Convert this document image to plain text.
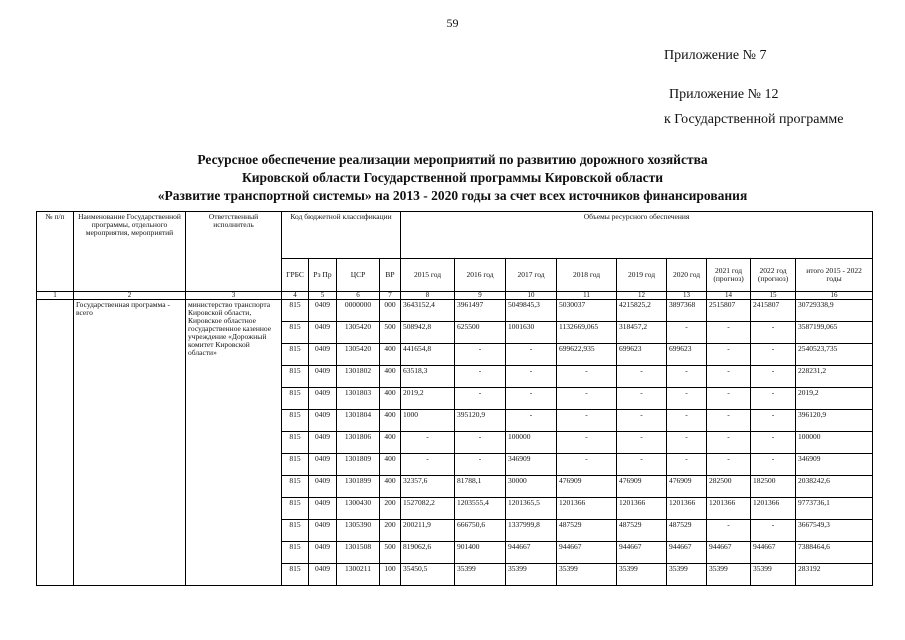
59
Приложение № 7
Приложение № 12
к Государственной программе
Ресурсное обеспечение реализации мероприятий по развитию дорожного хозяйства
Кировской области Государственной программы Кировской области
«Развитие транспортной системы» на 2013 - 2020 годы за счет всех источников финансирования
№ п/п	Наименование Государственной программы, отдельного мероприятия, мероприятий	Ответственный исполнитель	Код бюджетной классификации				Объемы ресурсного обеспечения								
			ГРБС	Рз Пр	ЦСР	ВР	2015 год	2016 год	2017 год	2018 год	2019 год	2020 год	2021 год (прогноз)	2022 год (прогноз)	итого 2015 - 2022 годы
1	2	3	4	5	6	7	8	9	10	11	12	13	14	15	16
	Государственная программа - всего	министерство транспорта Кировской области, Кировское областное государственное казенное учреждение «Дорожный комитет Кировской области»	815	0409	0000000	000	3643152,4	3961497	5049845,3	5030037	4215825,2	3897368	2515807	2415807	30729338,9
			815	0409	1305420	500	508942,8	625500	1001630	1132669,065	318457,2	-	-	-	3587199,065
			815	0409	1305420	400	441654,8	-	-	699622,935	699623	699623	-	-	2540523,735
			815	0409	1301802	400	63518,3	-	-	-	-	-	-	-	228231,2
			815	0409	1301803	400	2019,2	-	-	-	-	-	-	-	2019,2
			815	0409	1301804	400	1000	395120,9	-	-	-	-	-	-	396120,9
			815	0409	1301806	400	-	-	100000	-	-	-	-	-	100000
			815	0409	1301809	400	-	-	346909	-	-	-	-	-	346909
			815	0409	1301899	400	32357,6	81788,1	30000	476909	476909	476909	282500	182500	2038242,6
			815	0409	1300430	200	1527082,2	1203555,4	1201365,5	1201366	1201366	1201366	1201366	1201366	9773736,1
			815	0409	1305390	200	200211,9	666750,6	1337999,8	487529	487529	487529	-	-	3667549,3
			815	0409	1301508	500	819062,6	901400	944667	944667	944667	944667	944667	944667	7388464,6
			815	0409	1300211	100	35450,5	35399	35399	35399	35399	35399	35399	35399	283192
